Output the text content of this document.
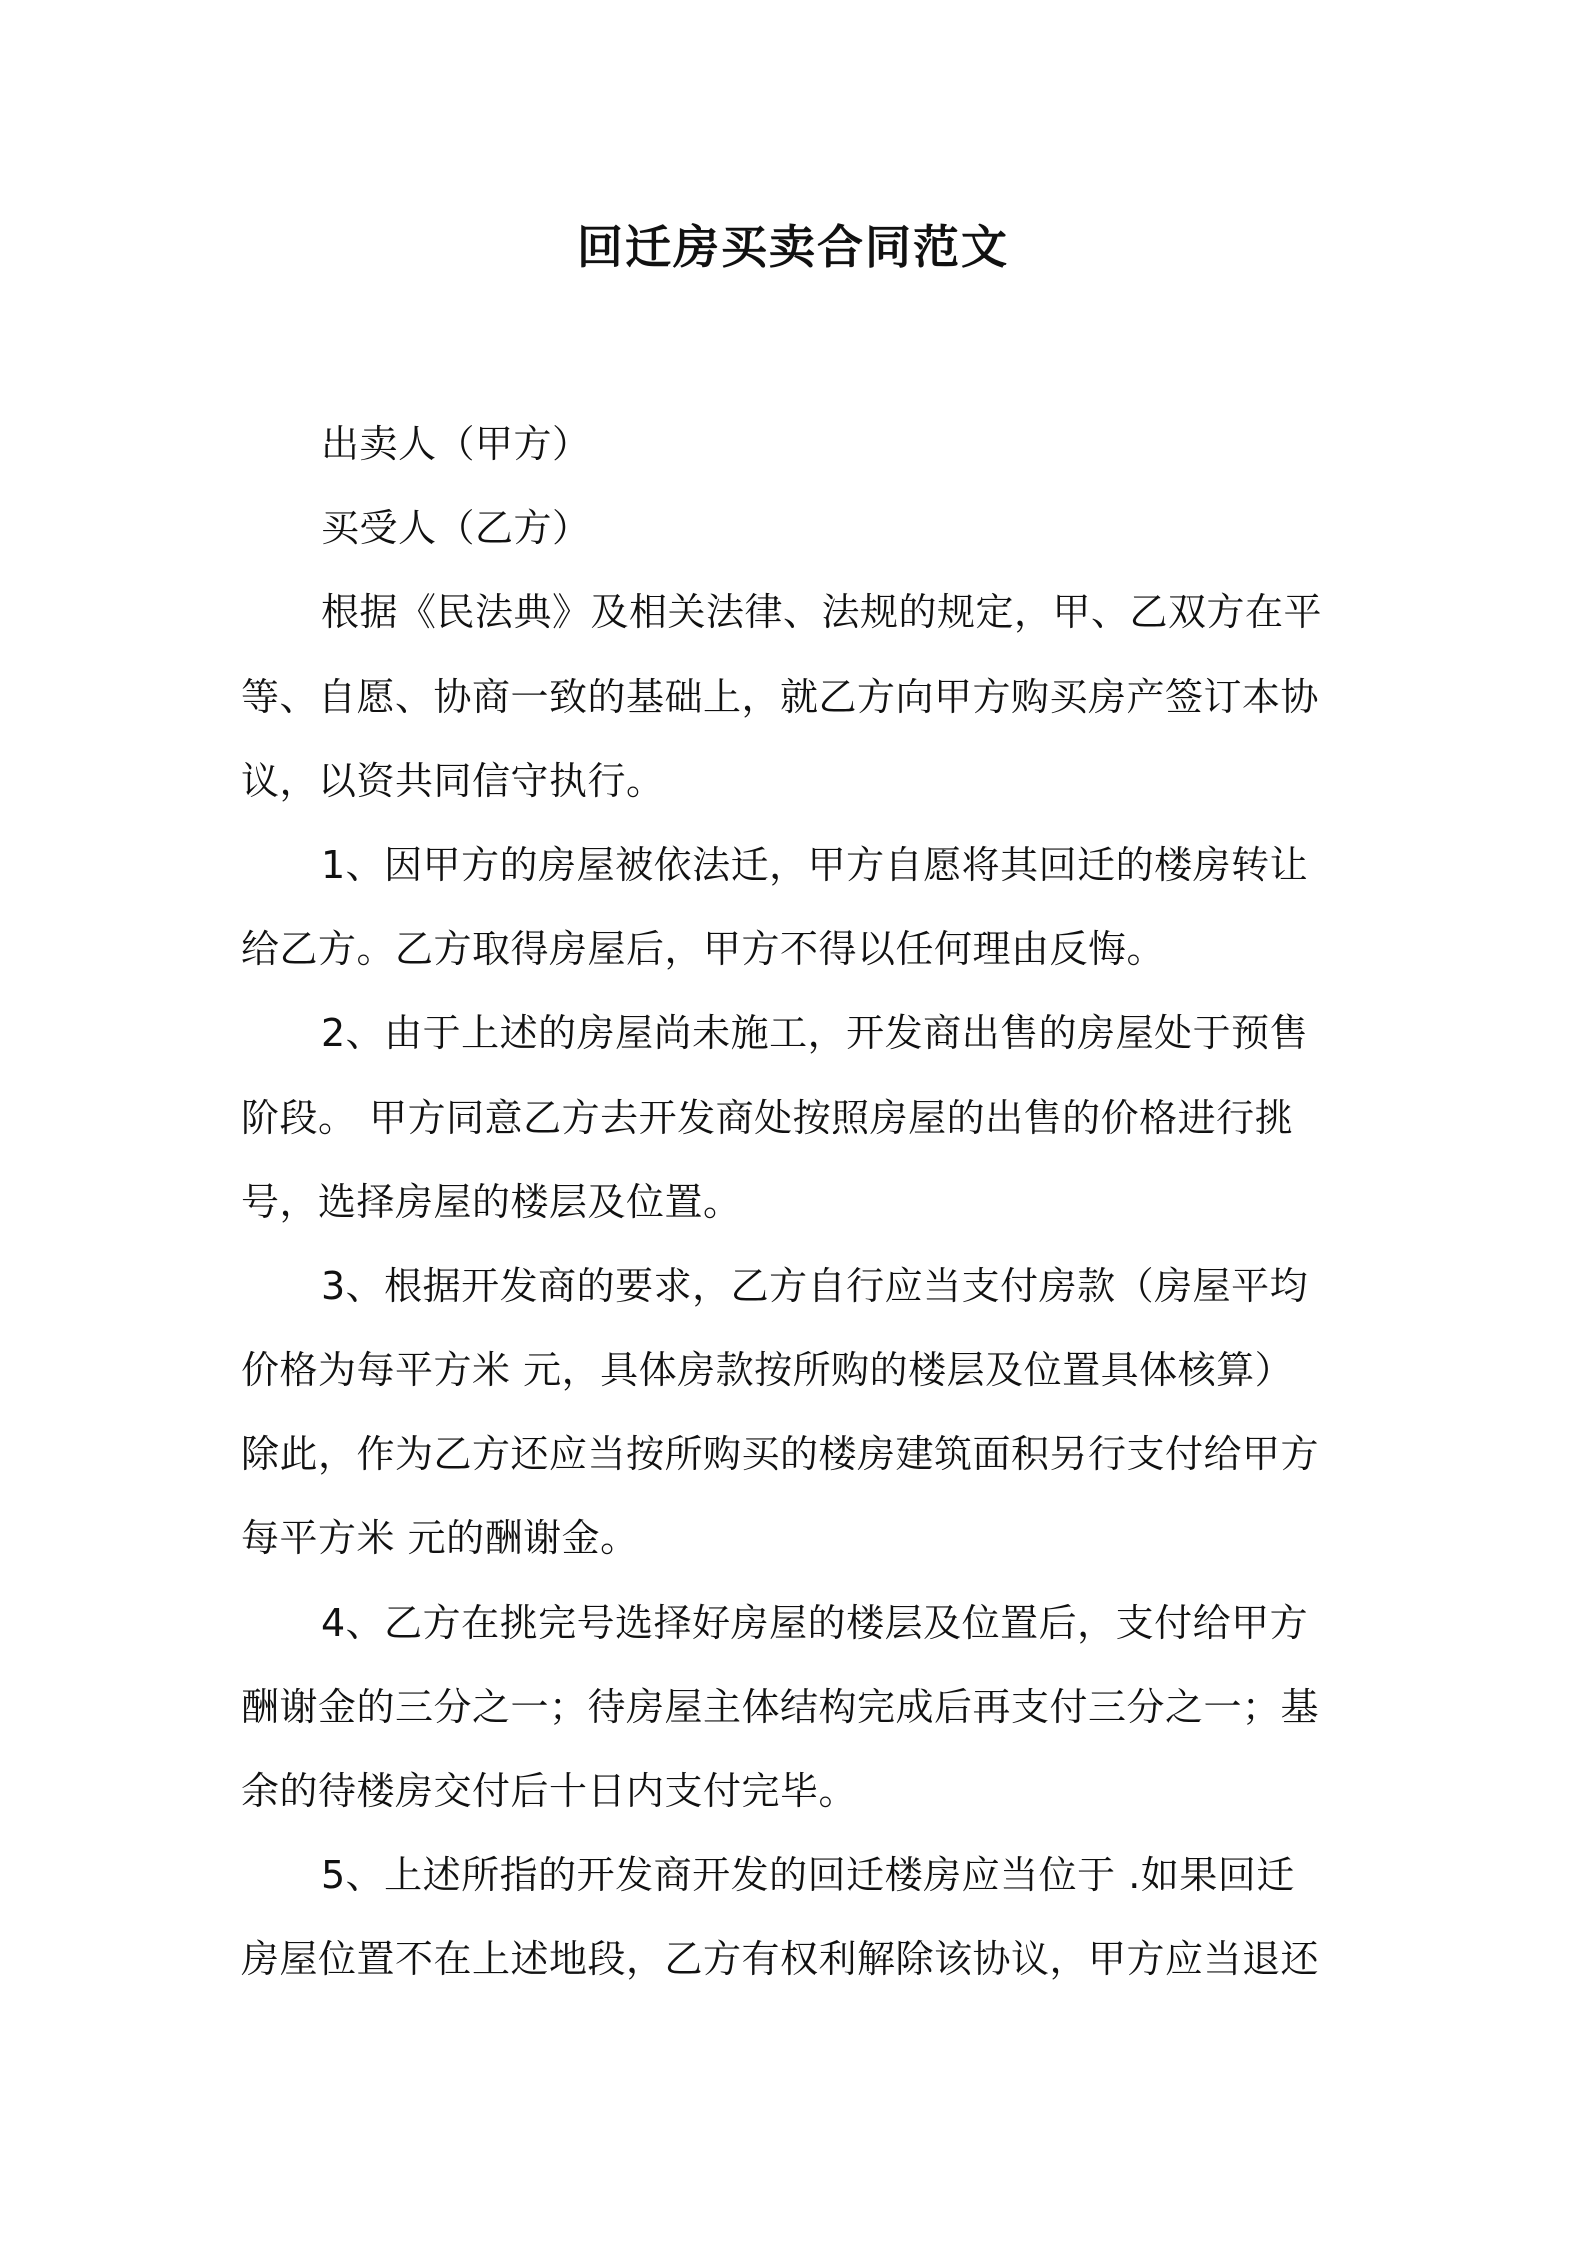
回迁房买卖合同范文
出卖人（甲方）
买受人（乙方）
根据《民法典》及相关法律、法规的规定，甲、乙双方在平
等、自愿、协商一致的基础上，就乙方向甲方购买房产签订本协
议，以资共同信守执行。
1、因甲方的房屋被依法迁，甲方自愿将其回迁的楼房转让
给乙方。乙方取得房屋后，甲方不得以任何理由反悔。
2、由于上述的房屋尚未施工，开发商出售的房屋处于预售
阶段。 甲方同意乙方去开发商处按照房屋的出售的价格进行挑
号，选择房屋的楼层及位置。
3、根据开发商的要求，乙方自行应当支付房款（房屋平均
价格为每平方米 元，具体房款按所购的楼层及位置具体核算）
除此，作为乙方还应当按所购买的楼房建筑面积另行支付给甲方
每平方米 元的酬谢金。
4、乙方在挑完号选择好房屋的楼层及位置后，支付给甲方
酬谢金的三分之一；待房屋主体结构完成后再支付三分之一；基
余的待楼房交付后十日内支付完毕。
5、上述所指的开发商开发的回迁楼房应当位于 .如果回迁
房屋位置不在上述地段，乙方有权利解除该协议，甲方应当退还
